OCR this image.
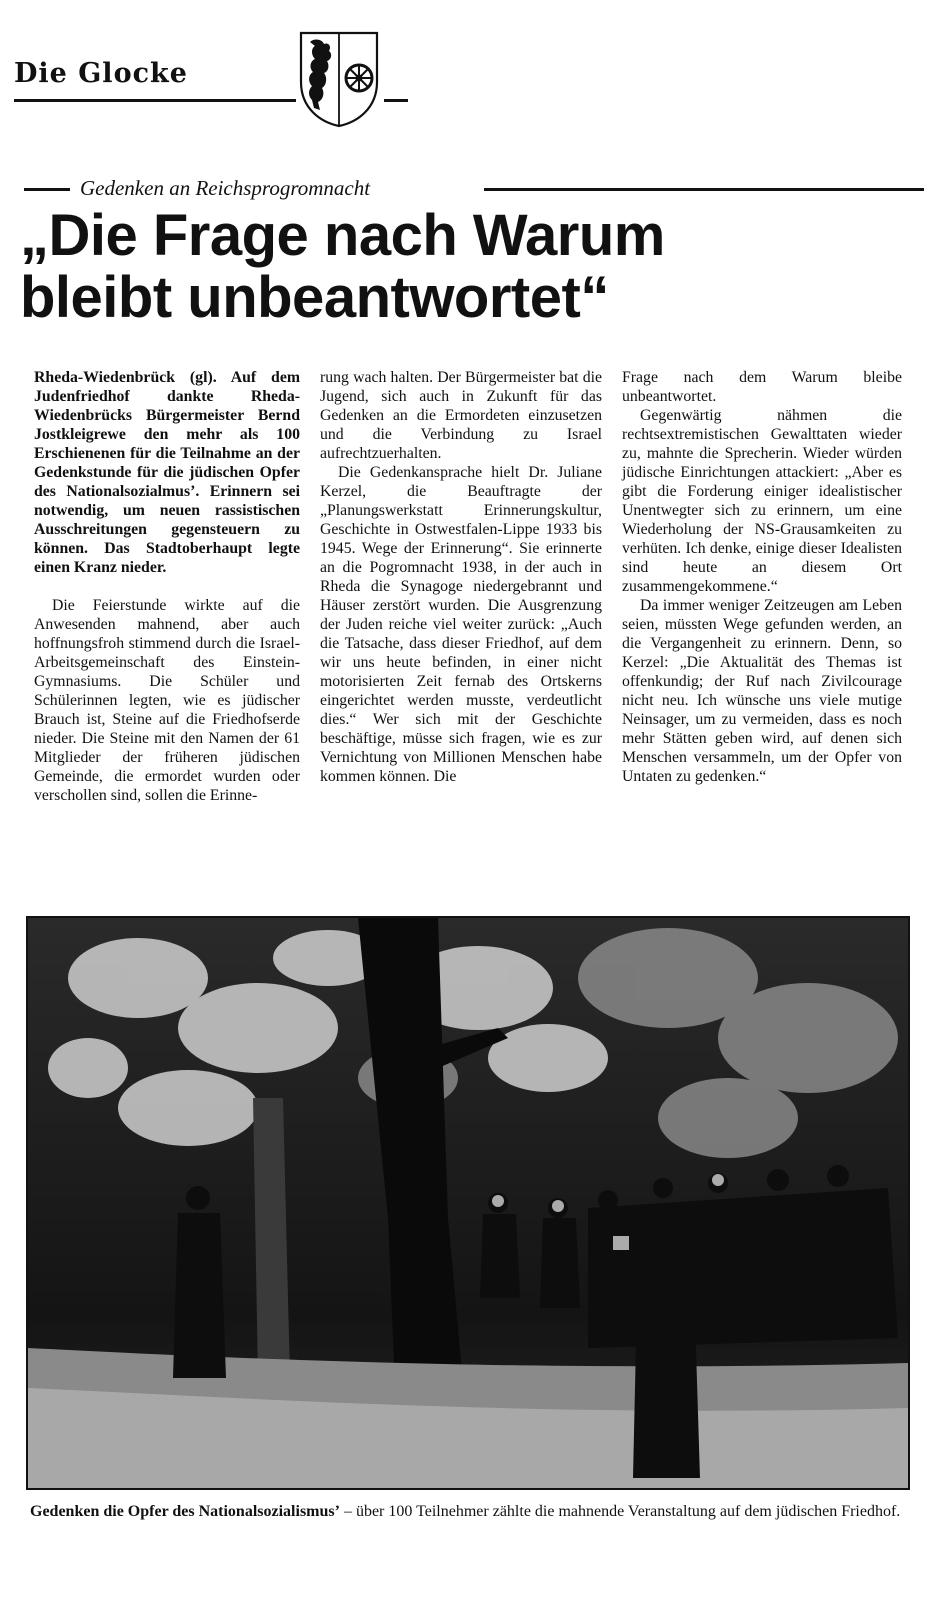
Die Glocke
Gedenken an Reichsprogromnacht
„Die Frage nach Warum
bleibt unbeantwortet“

Rheda-Wiedenbrück (gl). Auf dem Judenfriedhof dankte Rheda-Wiedenbrücks Bürgermeister Bernd Jostkleigrewe den mehr als 100 Erschienenen für die Teilnahme an der Gedenkstunde für die jüdischen Opfer des Nationalsozialmus’. Erinnern sei notwendig, um neuen rassistischen Ausschreitungen gegensteuern zu können. Das Stadtoberhaupt legte einen Kranz nieder.

Die Feierstunde wirkte auf die Anwesenden mahnend, aber auch hoffnungsfroh stimmend durch die Israel-Arbeitsgemeinschaft des Einstein-Gymnasiums. Die Schüler und Schülerinnen legten, wie es jüdischer Brauch ist, Steine auf die Friedhofserde nieder. Die Steine mit den Namen der 61 Mitglieder der früheren jüdischen Gemeinde, die ermordet wurden oder verschollen sind, sollen die Erinne-

rung wach halten. Der Bürgermeister bat die Jugend, sich auch in Zukunft für das Gedenken an die Ermordeten einzusetzen und die Verbindung zu Israel aufrechtzuerhalten.

Die Gedenkansprache hielt Dr. Juliane Kerzel, die Beauftragte der „Planungswerkstatt Erinnerungskultur, Geschichte in Ostwestfalen-Lippe 1933 bis 1945. Wege der Erinnerung“. Sie erinnerte an die Pogromnacht 1938, in der auch in Rheda die Synagoge niedergebrannt und Häuser zerstört wurden. Die Ausgrenzung der Juden reiche viel weiter zurück: „Auch die Tatsache, dass dieser Friedhof, auf dem wir uns heute befinden, in einer nicht motorisierten Zeit fernab des Ortskerns eingerichtet werden musste, verdeutlicht dies.“ Wer sich mit der Geschichte beschäftige, müsse sich fragen, wie es zur Vernichtung von Millionen Menschen habe kommen können. Die

Frage nach dem Warum bleibe unbeantwortet.

Gegenwärtig nähmen die rechtsextremistischen Gewalttaten wieder zu, mahnte die Sprecherin. Wieder würden jüdische Einrichtungen attackiert: „Aber es gibt die Forderung einiger idealistischer Unentwegter sich zu erinnern, um eine Wiederholung der NS-Grausamkeiten zu verhüten. Ich denke, einige dieser Idealisten sind heute an diesem Ort zusammengekommene.“

Da immer weniger Zeitzeugen am Leben seien, müssten Wege gefunden werden, an die Vergangenheit zu erinnern. Denn, so Kerzel: „Die Aktualität des Themas ist offenkundig; der Ruf nach Zivilcourage nicht neu. Ich wünsche uns viele mutige Neinsager, um zu vermeiden, dass es noch mehr Stätten geben wird, auf denen sich Menschen versammeln, um der Opfer von Untaten zu gedenken.“

Gedenken die Opfer des Nationalsozialismus’ – über 100 Teilnehmer zählte die mahnende Veranstaltung auf dem jüdischen Friedhof.
